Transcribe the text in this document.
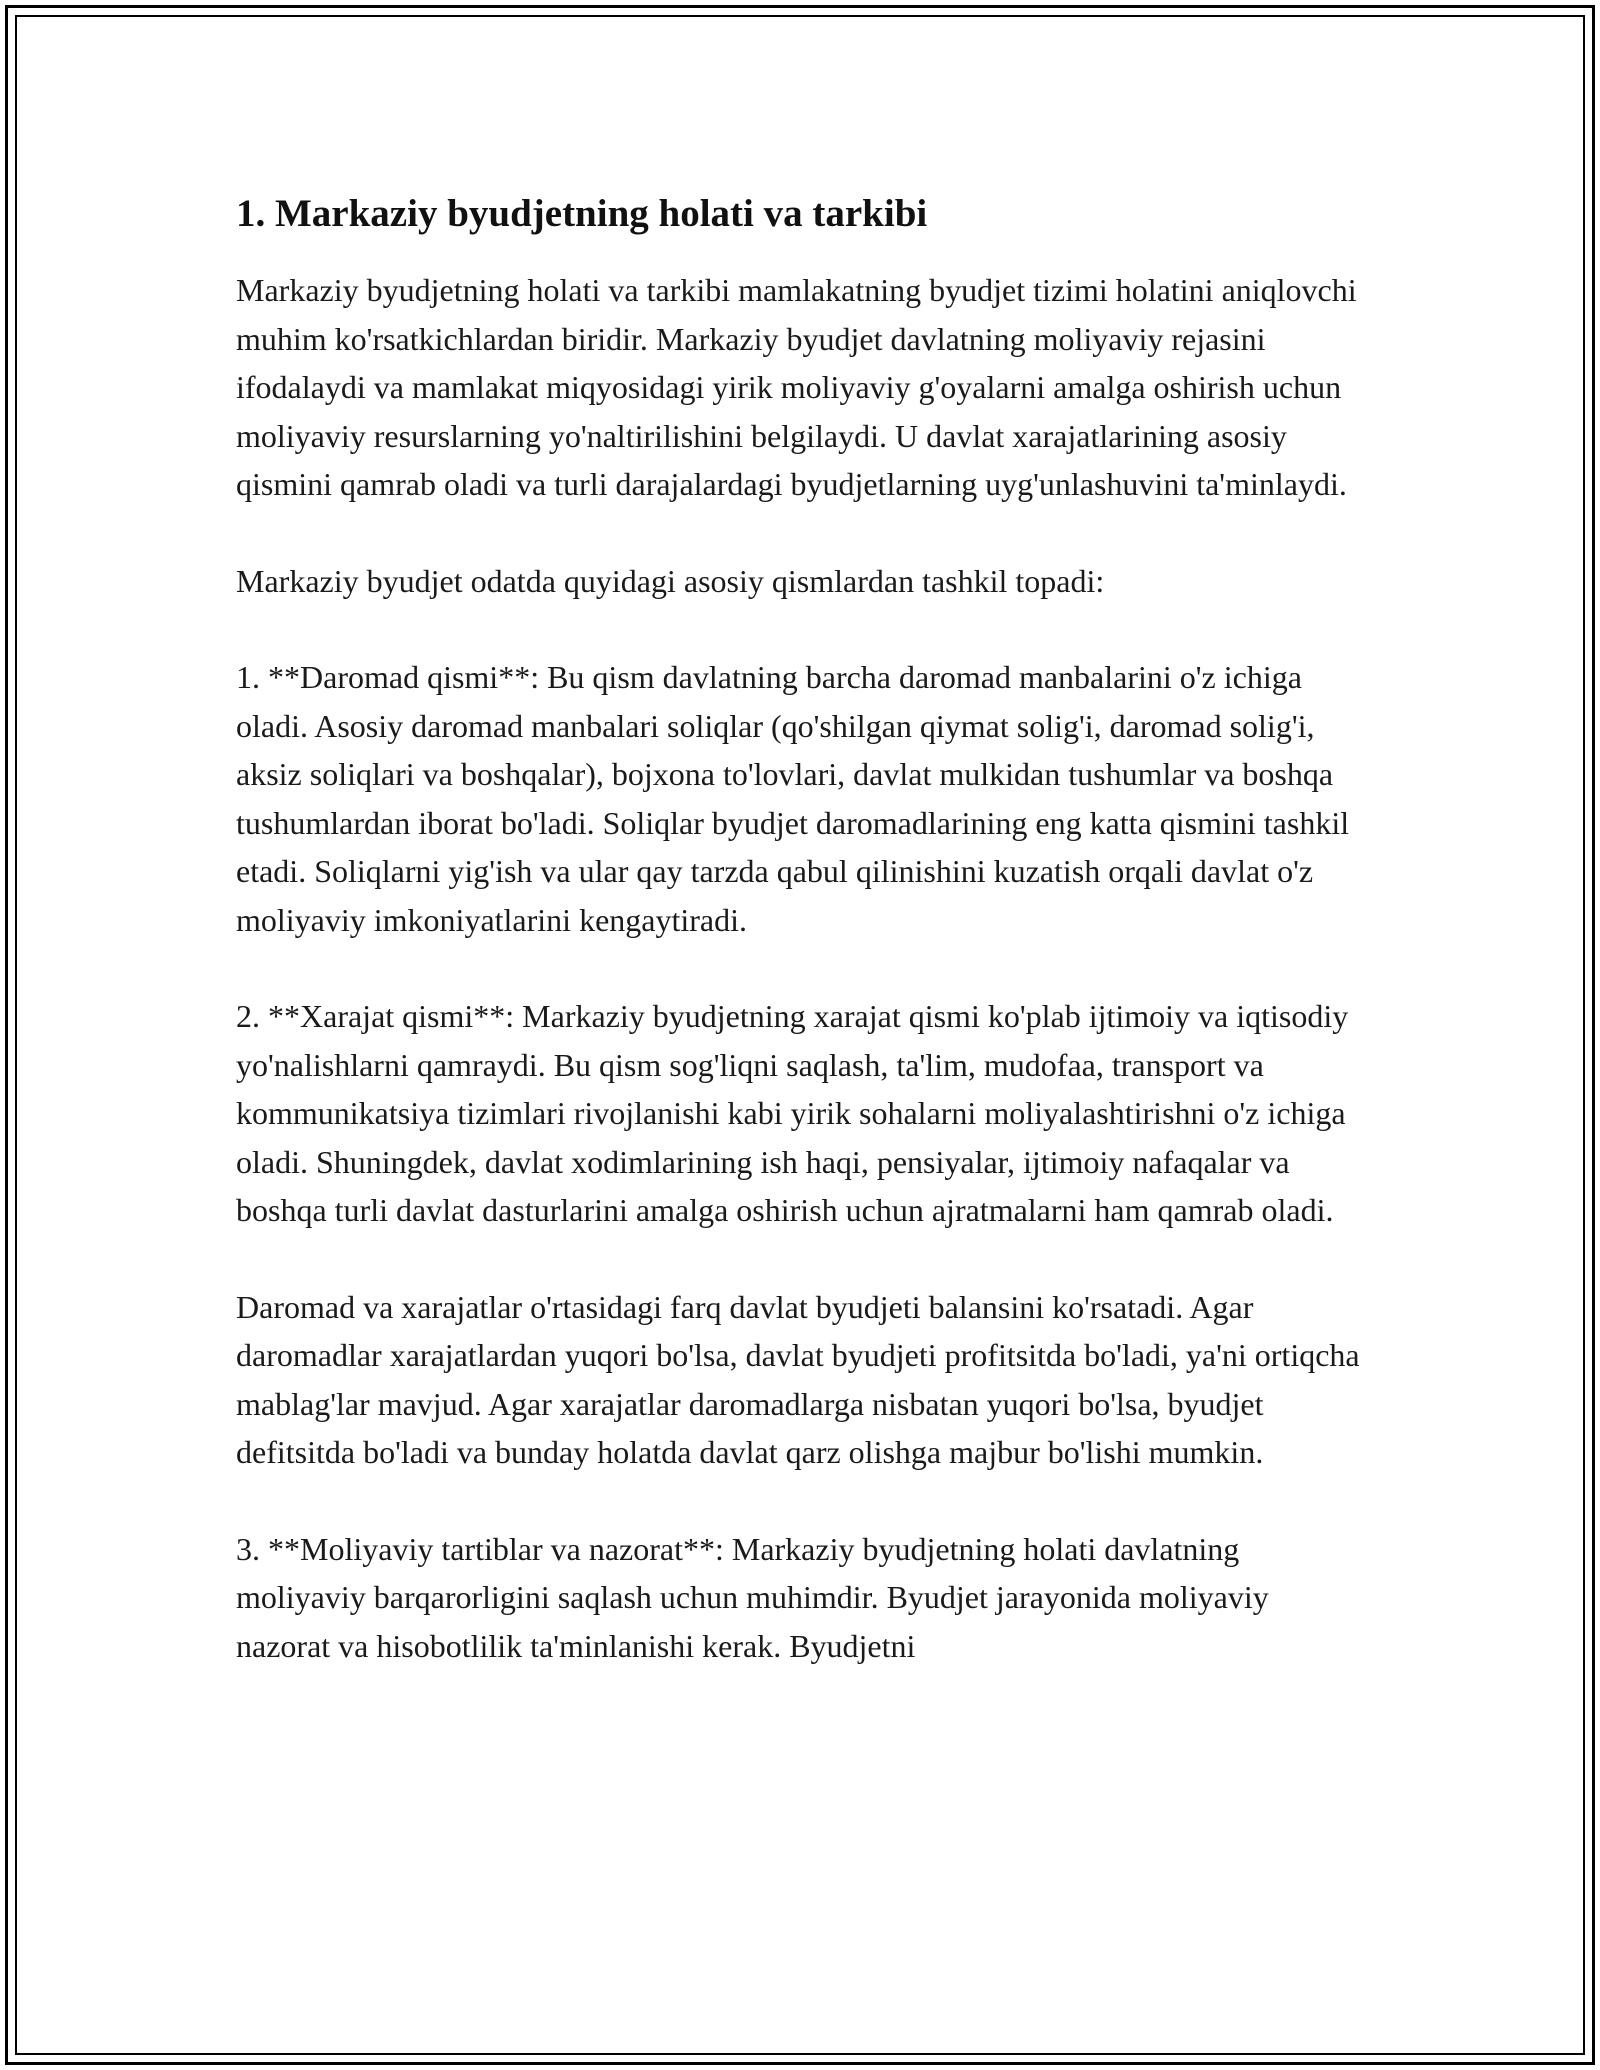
1. Markaziy byudjetning holati va tarkibi

Markaziy byudjetning holati va tarkibi mamlakatning byudjet tizimi holatini aniqlovchi muhim ko'rsatkichlardan biridir. Markaziy byudjet davlatning moliyaviy rejasini ifodalaydi va mamlakat miqyosidagi yirik moliyaviy g'oyalarni amalga oshirish uchun moliyaviy resurslarning yo'naltirilishini belgilaydi. U davlat xarajatlarining asosiy qismini qamrab oladi va turli darajalardagi byudjetlarning uyg'unlashuvini ta'minlaydi.

Markaziy byudjet odatda quyidagi asosiy qismlardan tashkil topadi:

1. **Daromad qismi**: Bu qism davlatning barcha daromad manbalarini o'z ichiga oladi. Asosiy daromad manbalari soliqlar (qo'shilgan qiymat solig'i, daromad solig'i, aksiz soliqlari va boshqalar), bojxona to'lovlari, davlat mulkidan tushumlar va boshqa tushumlardan iborat bo'ladi. Soliqlar byudjet daromadlarining eng katta qismini tashkil etadi. Soliqlarni yig'ish va ular qay tarzda qabul qilinishini kuzatish orqali davlat o'z moliyaviy imkoniyatlarini kengaytiradi.

2. **Xarajat qismi**: Markaziy byudjetning xarajat qismi ko'plab ijtimoiy va iqtisodiy yo'nalishlarni qamraydi. Bu qism sog'liqni saqlash, ta'lim, mudofaa, transport va kommunikatsiya tizimlari rivojlanishi kabi yirik sohalarni moliyalashtirishni o'z ichiga oladi. Shuningdek, davlat xodimlarining ish haqi, pensiyalar, ijtimoiy nafaqalar va boshqa turli davlat dasturlarini amalga oshirish uchun ajratmalarni ham qamrab oladi.

Daromad va xarajatlar o'rtasidagi farq davlat byudjeti balansini ko'rsatadi. Agar daromadlar xarajatlardan yuqori bo'lsa, davlat byudjeti profitsitda bo'ladi, ya'ni ortiqcha mablag'lar mavjud. Agar xarajatlar daromadlarga nisbatan yuqori bo'lsa, byudjet defitsitda bo'ladi va bunday holatda davlat qarz olishga majbur bo'lishi mumkin.

3. **Moliyaviy tartiblar va nazorat**: Markaziy byudjetning holati davlatning moliyaviy barqarorligini saqlash uchun muhimdir. Byudjet jarayonida moliyaviy nazorat va hisobotlilik ta'minlanishi kerak. Byudjetni
